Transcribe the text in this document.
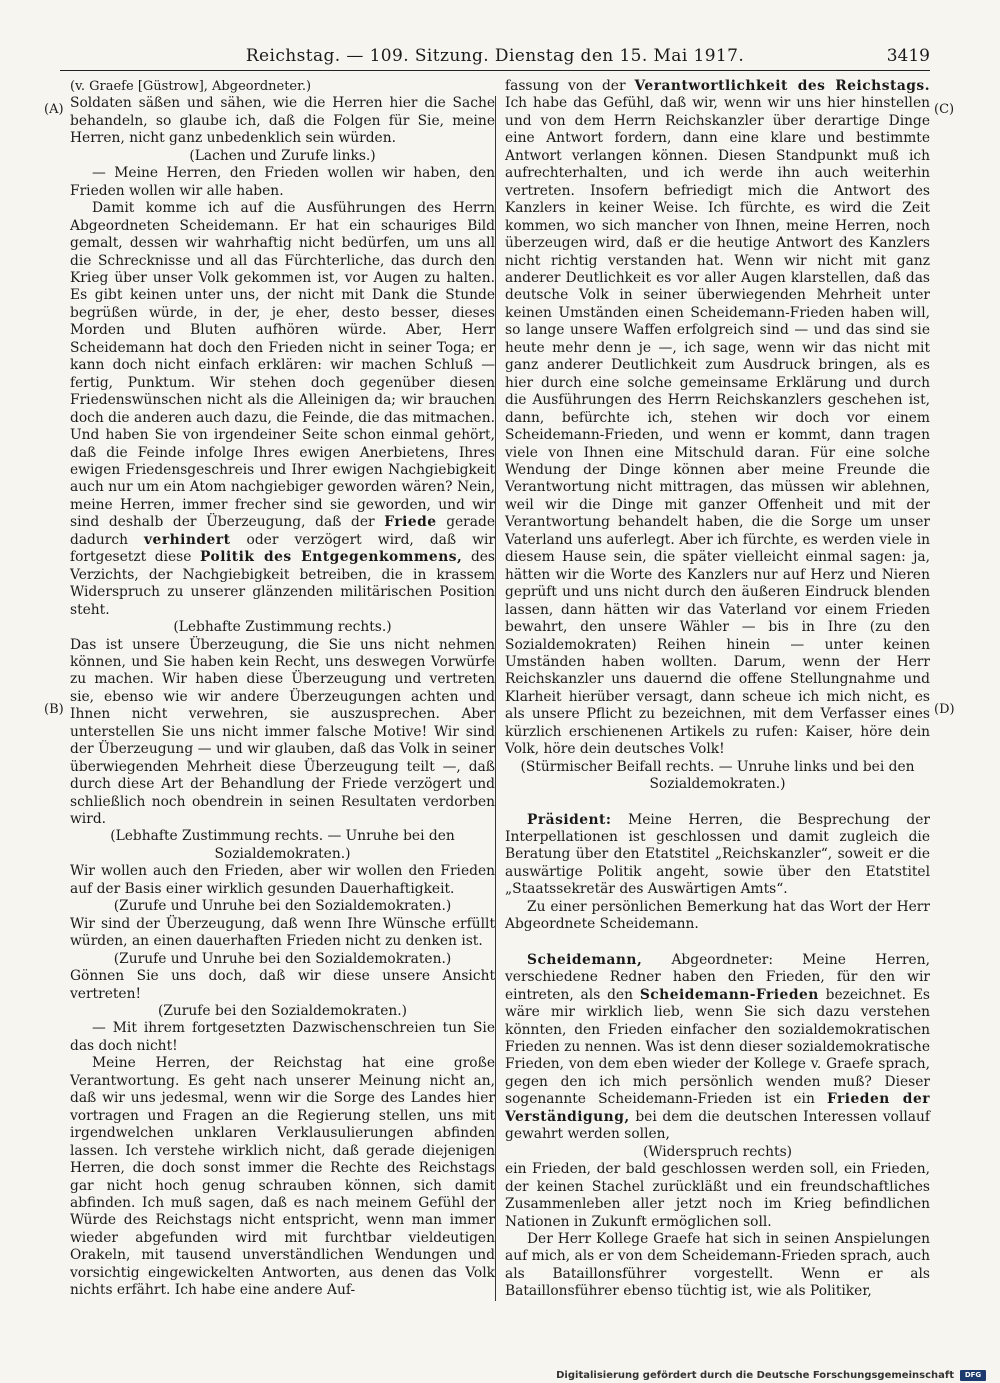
Reichstag. — 109. Sitzung. Dienstag den 15. Mai 1917.	3419
(A)
(B)
(C)
(D)

(v. Graefe [Güstrow], Abgeordneter.)

Soldaten säßen und sähen, wie die Herren hier die Sache behandeln, so glaube ich, daß die Folgen für Sie, meine Herren, nicht ganz unbedenklich sein würden.

(Lachen und Zurufe links.)

— Meine Herren, den Frieden wollen wir haben, den Frieden wollen wir alle haben.

Damit komme ich auf die Ausführungen des Herrn Abgeordneten Scheidemann. Er hat ein schauriges Bild gemalt, dessen wir wahrhaftig nicht bedürfen, um uns all die Schrecknisse und all das Fürchterliche, das durch den Krieg über unser Volk gekommen ist, vor Augen zu halten. Es gibt keinen unter uns, der nicht mit Dank die Stunde begrüßen würde, in der, je eher, desto besser, dieses Morden und Bluten aufhören würde. Aber, Herr Scheidemann hat doch den Frieden nicht in seiner Toga; er kann doch nicht einfach erklären: wir machen Schluß — fertig, Punktum. Wir stehen doch gegenüber diesen Friedenswünschen nicht als die Alleinigen da; wir brauchen doch die anderen auch dazu, die Feinde, die das mitmachen. Und haben Sie von irgendeiner Seite schon einmal gehört, daß die Feinde infolge Ihres ewigen Anerbietens, Ihres ewigen Friedensgeschreis und Ihrer ewigen Nachgiebigkeit auch nur um ein Atom nachgiebiger geworden wären? Nein, meine Herren, immer frecher sind sie geworden, und wir sind deshalb der Überzeugung, daß der Friede gerade dadurch verhindert oder verzögert wird, daß wir fortgesetzt diese Politik des Entgegenkommens, des Verzichts, der Nachgiebigkeit betreiben, die in krassem Widerspruch zu unserer glänzenden militärischen Position steht.

(Lebhafte Zustimmung rechts.)

Das ist unsere Überzeugung, die Sie uns nicht nehmen können, und Sie haben kein Recht, uns deswegen Vorwürfe zu machen. Wir haben diese Überzeugung und vertreten sie, ebenso wie wir andere Überzeugungen achten und Ihnen nicht verwehren, sie auszusprechen. Aber unterstellen Sie uns nicht immer falsche Motive! Wir sind der Überzeugung — und wir glauben, daß das Volk in seiner überwiegenden Mehrheit diese Überzeugung teilt —, daß durch diese Art der Behandlung der Friede verzögert und schließlich noch obendrein in seinen Resultaten verdorben wird.

(Lebhafte Zustimmung rechts. — Unruhe bei den Sozialdemokraten.)

Wir wollen auch den Frieden, aber wir wollen den Frieden auf der Basis einer wirklich gesunden Dauerhaftigkeit.

(Zurufe und Unruhe bei den Sozialdemokraten.)

Wir sind der Überzeugung, daß wenn Ihre Wünsche erfüllt würden, an einen dauerhaften Frieden nicht zu denken ist.

(Zurufe und Unruhe bei den Sozialdemokraten.)

Gönnen Sie uns doch, daß wir diese unsere Ansicht vertreten!

(Zurufe bei den Sozialdemokraten.)

— Mit ihrem fortgesetzten Dazwischenschreien tun Sie das doch nicht!

Meine Herren, der Reichstag hat eine große Verantwortung. Es geht nach unserer Meinung nicht an, daß wir uns jedesmal, wenn wir die Sorge des Landes hier vortragen und Fragen an die Regierung stellen, uns mit irgendwelchen unklaren Verklausulierungen abfinden lassen. Ich verstehe wirklich nicht, daß gerade diejenigen Herren, die doch sonst immer die Rechte des Reichstags gar nicht hoch genug schrauben können, sich damit abfinden. Ich muß sagen, daß es nach meinem Gefühl der Würde des Reichstags nicht entspricht, wenn man immer wieder abgefunden wird mit furchtbar vieldeutigen Orakeln, mit tausend unverständlichen Wendungen und vorsichtig eingewickelten Antworten, aus denen das Volk nichts erfährt. Ich habe eine andere Auf-

fassung von der Verantwortlichkeit des Reichstags. Ich habe das Gefühl, daß wir, wenn wir uns hier hinstellen und von dem Herrn Reichskanzler über derartige Dinge eine Antwort fordern, dann eine klare und bestimmte Antwort verlangen können. Diesen Standpunkt muß ich aufrechterhalten, und ich werde ihn auch weiterhin vertreten. Insofern befriedigt mich die Antwort des Kanzlers in keiner Weise. Ich fürchte, es wird die Zeit kommen, wo sich mancher von Ihnen, meine Herren, noch überzeugen wird, daß er die heutige Antwort des Kanzlers nicht richtig verstanden hat. Wenn wir nicht mit ganz anderer Deutlichkeit es vor aller Augen klarstellen, daß das deutsche Volk in seiner überwiegenden Mehrheit unter keinen Umständen einen Scheidemann-Frieden haben will, so lange unsere Waffen erfolgreich sind — und das sind sie heute mehr denn je —, ich sage, wenn wir das nicht mit ganz anderer Deutlichkeit zum Ausdruck bringen, als es hier durch eine solche gemeinsame Erklärung und durch die Ausführungen des Herrn Reichskanzlers geschehen ist, dann, befürchte ich, stehen wir doch vor einem Scheidemann-Frieden, und wenn er kommt, dann tragen viele von Ihnen eine Mitschuld daran. Für eine solche Wendung der Dinge können aber meine Freunde die Verantwortung nicht mittragen, das müssen wir ablehnen, weil wir die Dinge mit ganzer Offenheit und mit der Verantwortung behandelt haben, die die Sorge um unser Vaterland uns auferlegt. Aber ich fürchte, es werden viele in diesem Hause sein, die später vielleicht einmal sagen: ja, hätten wir die Worte des Kanzlers nur auf Herz und Nieren geprüft und uns nicht durch den äußeren Eindruck blenden lassen, dann hätten wir das Vaterland vor einem Frieden bewahrt, den unsere Wähler — bis in Ihre (zu den Sozialdemokraten) Reihen hinein — unter keinen Umständen haben wollten. Darum, wenn der Herr Reichskanzler uns dauernd die offene Stellungnahme und Klarheit hierüber versagt, dann scheue ich mich nicht, es als unsere Pflicht zu bezeichnen, mit dem Verfasser eines kürzlich erschienenen Artikels zu rufen: Kaiser, höre dein Volk, höre dein deutsches Volk!

(Stürmischer Beifall rechts. — Unruhe links und bei den Sozialdemokraten.)

Präsident: Meine Herren, die Besprechung der Interpellationen ist geschlossen und damit zugleich die Beratung über den Etatstitel „Reichskanzler“, soweit er die auswärtige Politik angeht, sowie über den Etatstitel „Staatssekretär des Auswärtigen Amts“.

Zu einer persönlichen Bemerkung hat das Wort der Herr Abgeordnete Scheidemann.

Scheidemann, Abgeordneter: Meine Herren, verschiedene Redner haben den Frieden, für den wir eintreten, als den Scheidemann-Frieden bezeichnet. Es wäre mir wirklich lieb, wenn Sie sich dazu verstehen könnten, den Frieden einfacher den sozialdemokratischen Frieden zu nennen. Was ist denn dieser sozialdemokratische Frieden, von dem eben wieder der Kollege v. Graefe sprach, gegen den ich mich persönlich wenden muß? Dieser sogenannte Scheidemann-Frieden ist ein Frieden der Verständigung, bei dem die deutschen Interessen vollauf gewahrt werden sollen,

(Widerspruch rechts)

ein Frieden, der bald geschlossen werden soll, ein Frieden, der keinen Stachel zurückläßt und ein freundschaftliches Zusammenleben aller jetzt noch im Krieg befindlichen Nationen in Zukunft ermöglichen soll.

Der Herr Kollege Graefe hat sich in seinen Anspielungen auf mich, als er von dem Scheidemann-Frieden sprach, auch als Bataillonsführer vorgestellt. Wenn er als Bataillonsführer ebenso tüchtig ist, wie als Politiker,

Digitalisierung gefördert durch die Deutsche Forschungsgemeinschaft	DFG
